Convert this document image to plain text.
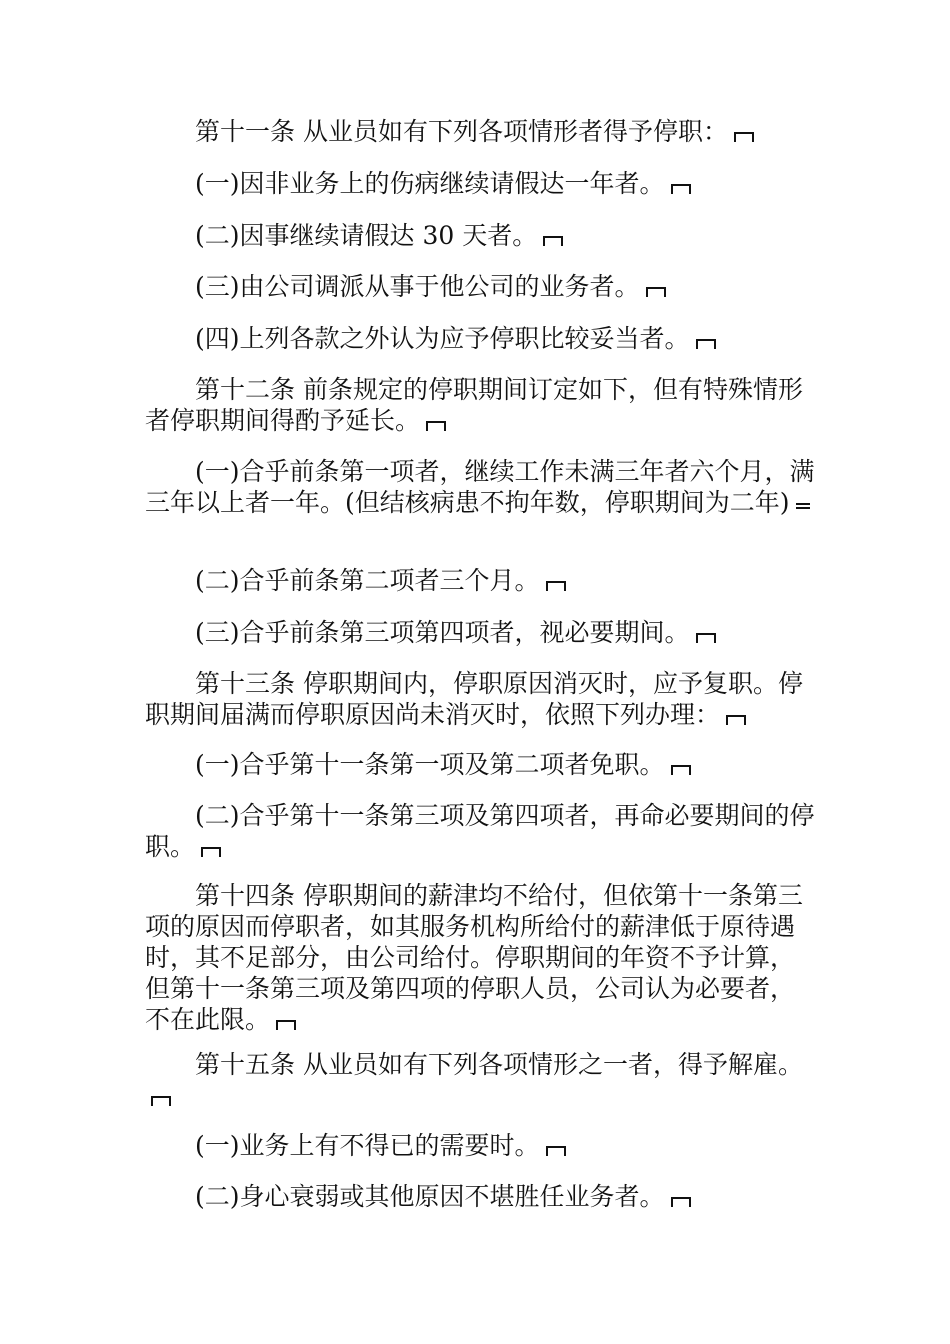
第十一条 从业员如有下列各项情形者得予停职：

(一)因非业务上的伤病继续请假达一年者。

(二)因事继续请假达 30 天者。

(三)由公司调派从事于他公司的业务者。

(四)上列各款之外认为应予停职比较妥当者。

第十二条 前条规定的停职期间订定如下，但有特殊情形者停职期间得酌予延长。

(一)合乎前条第一项者，继续工作未满三年者六个月，满三年以上者一年。(但结核病患不拘年数，停职期间为二年)

(二)合乎前条第二项者三个月。

(三)合乎前条第三项第四项者，视必要期间。

第十三条 停职期间内，停职原因消灭时，应予复职。停职期间届满而停职原因尚未消灭时，依照下列办理：

(一)合乎第十一条第一项及第二项者免职。

(二)合乎第十一条第三项及第四项者，再命必要期间的停职。

第十四条 停职期间的薪津均不给付，但依第十一条第三项的原因而停职者，如其服务机构所给付的薪津低于原待遇时，其不足部分，由公司给付。停职期间的年资不予计算，但第十一条第三项及第四项的停职人员，公司认为必要者，不在此限。

第十五条 从业员如有下列各项情形之一者，得予解雇。

(一)业务上有不得已的需要时。

(二)身心衰弱或其他原因不堪胜任业务者。
